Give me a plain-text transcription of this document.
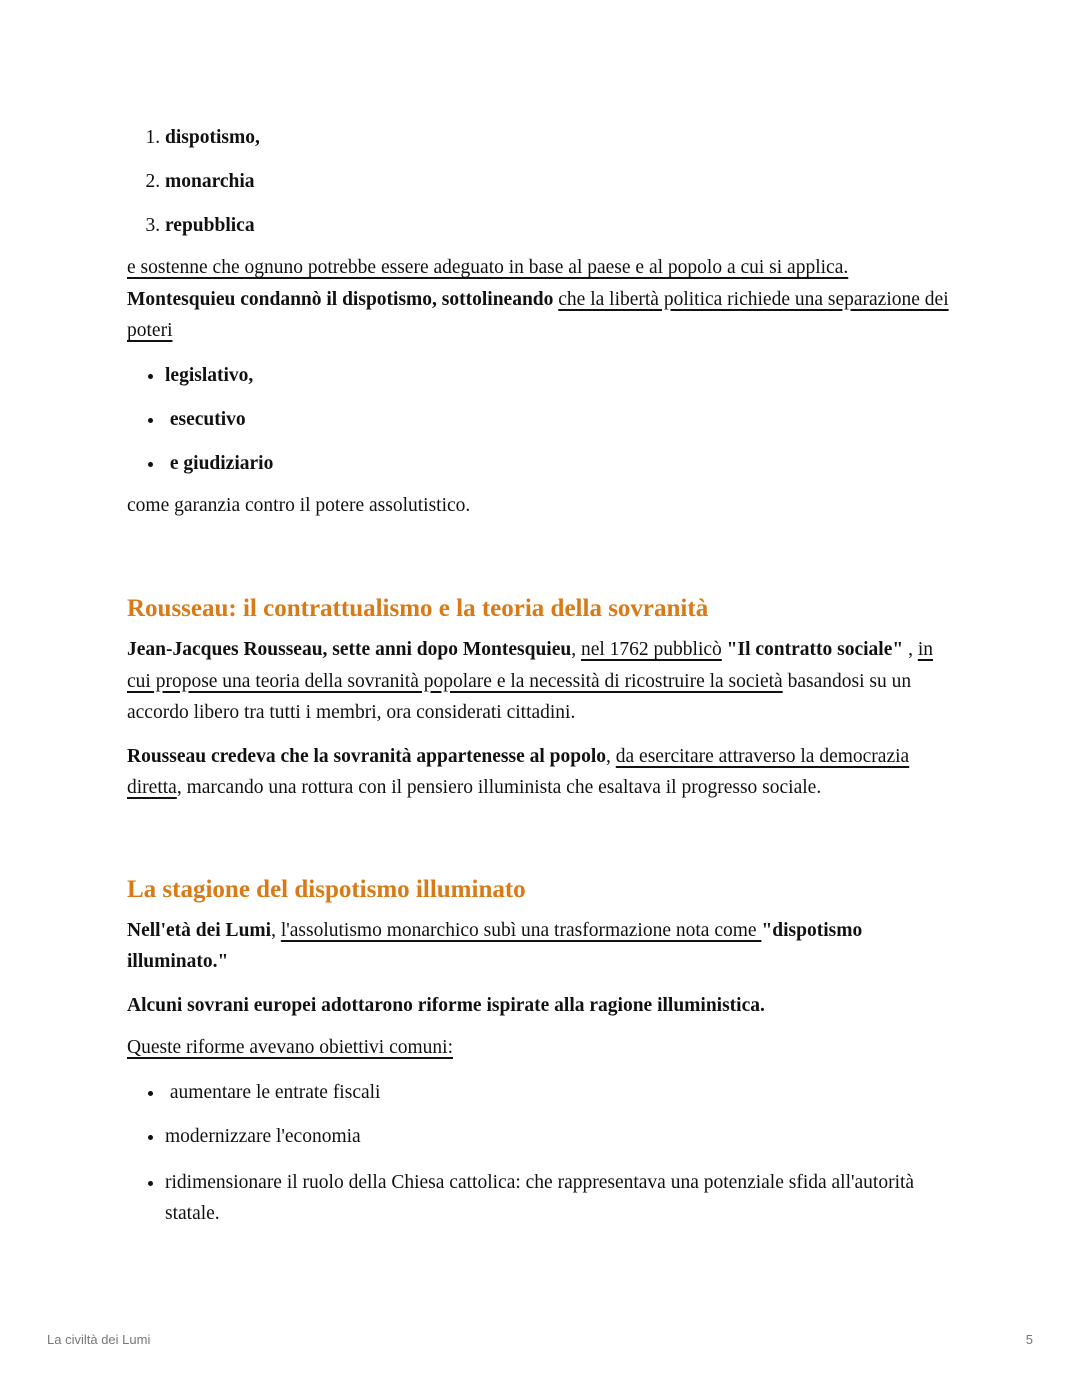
1. dispotismo,
2. monarchia
3. repubblica

e sostenne che ognuno potrebbe essere adeguato in base al paese e al popolo a cui si applica.
Montesquieu condannò il dispotismo, sottolineando che la libertà politica richiede una separazione dei poteri

• legislativo,
•  esecutivo
•  e giudiziario

come garanzia contro il potere assolutistico.

Rousseau: il contrattualismo e la teoria della sovranità

Jean-Jacques Rousseau, sette anni dopo Montesquieu, nel 1762 pubblicò "Il contratto sociale" , in cui propose una teoria della sovranità popolare e la necessità di ricostruire la società basandosi su un accordo libero tra tutti i membri, ora considerati cittadini.

Rousseau credeva che la sovranità appartenesse al popolo, da esercitare attraverso la democrazia diretta, marcando una rottura con il pensiero illuminista che esaltava il progresso sociale.

La stagione del dispotismo illuminato

Nell'età dei Lumi, l'assolutismo monarchico subì una trasformazione nota come "dispotismo illuminato."

Alcuni sovrani europei adottarono riforme ispirate alla ragione illuministica.

Queste riforme avevano obiettivi comuni:

•  aumentare le entrate fiscali
• modernizzare l'economia
• ridimensionare il ruolo della Chiesa cattolica: che rappresentava una potenziale sfida all'autorità statale.
La civiltà dei Lumi	5
